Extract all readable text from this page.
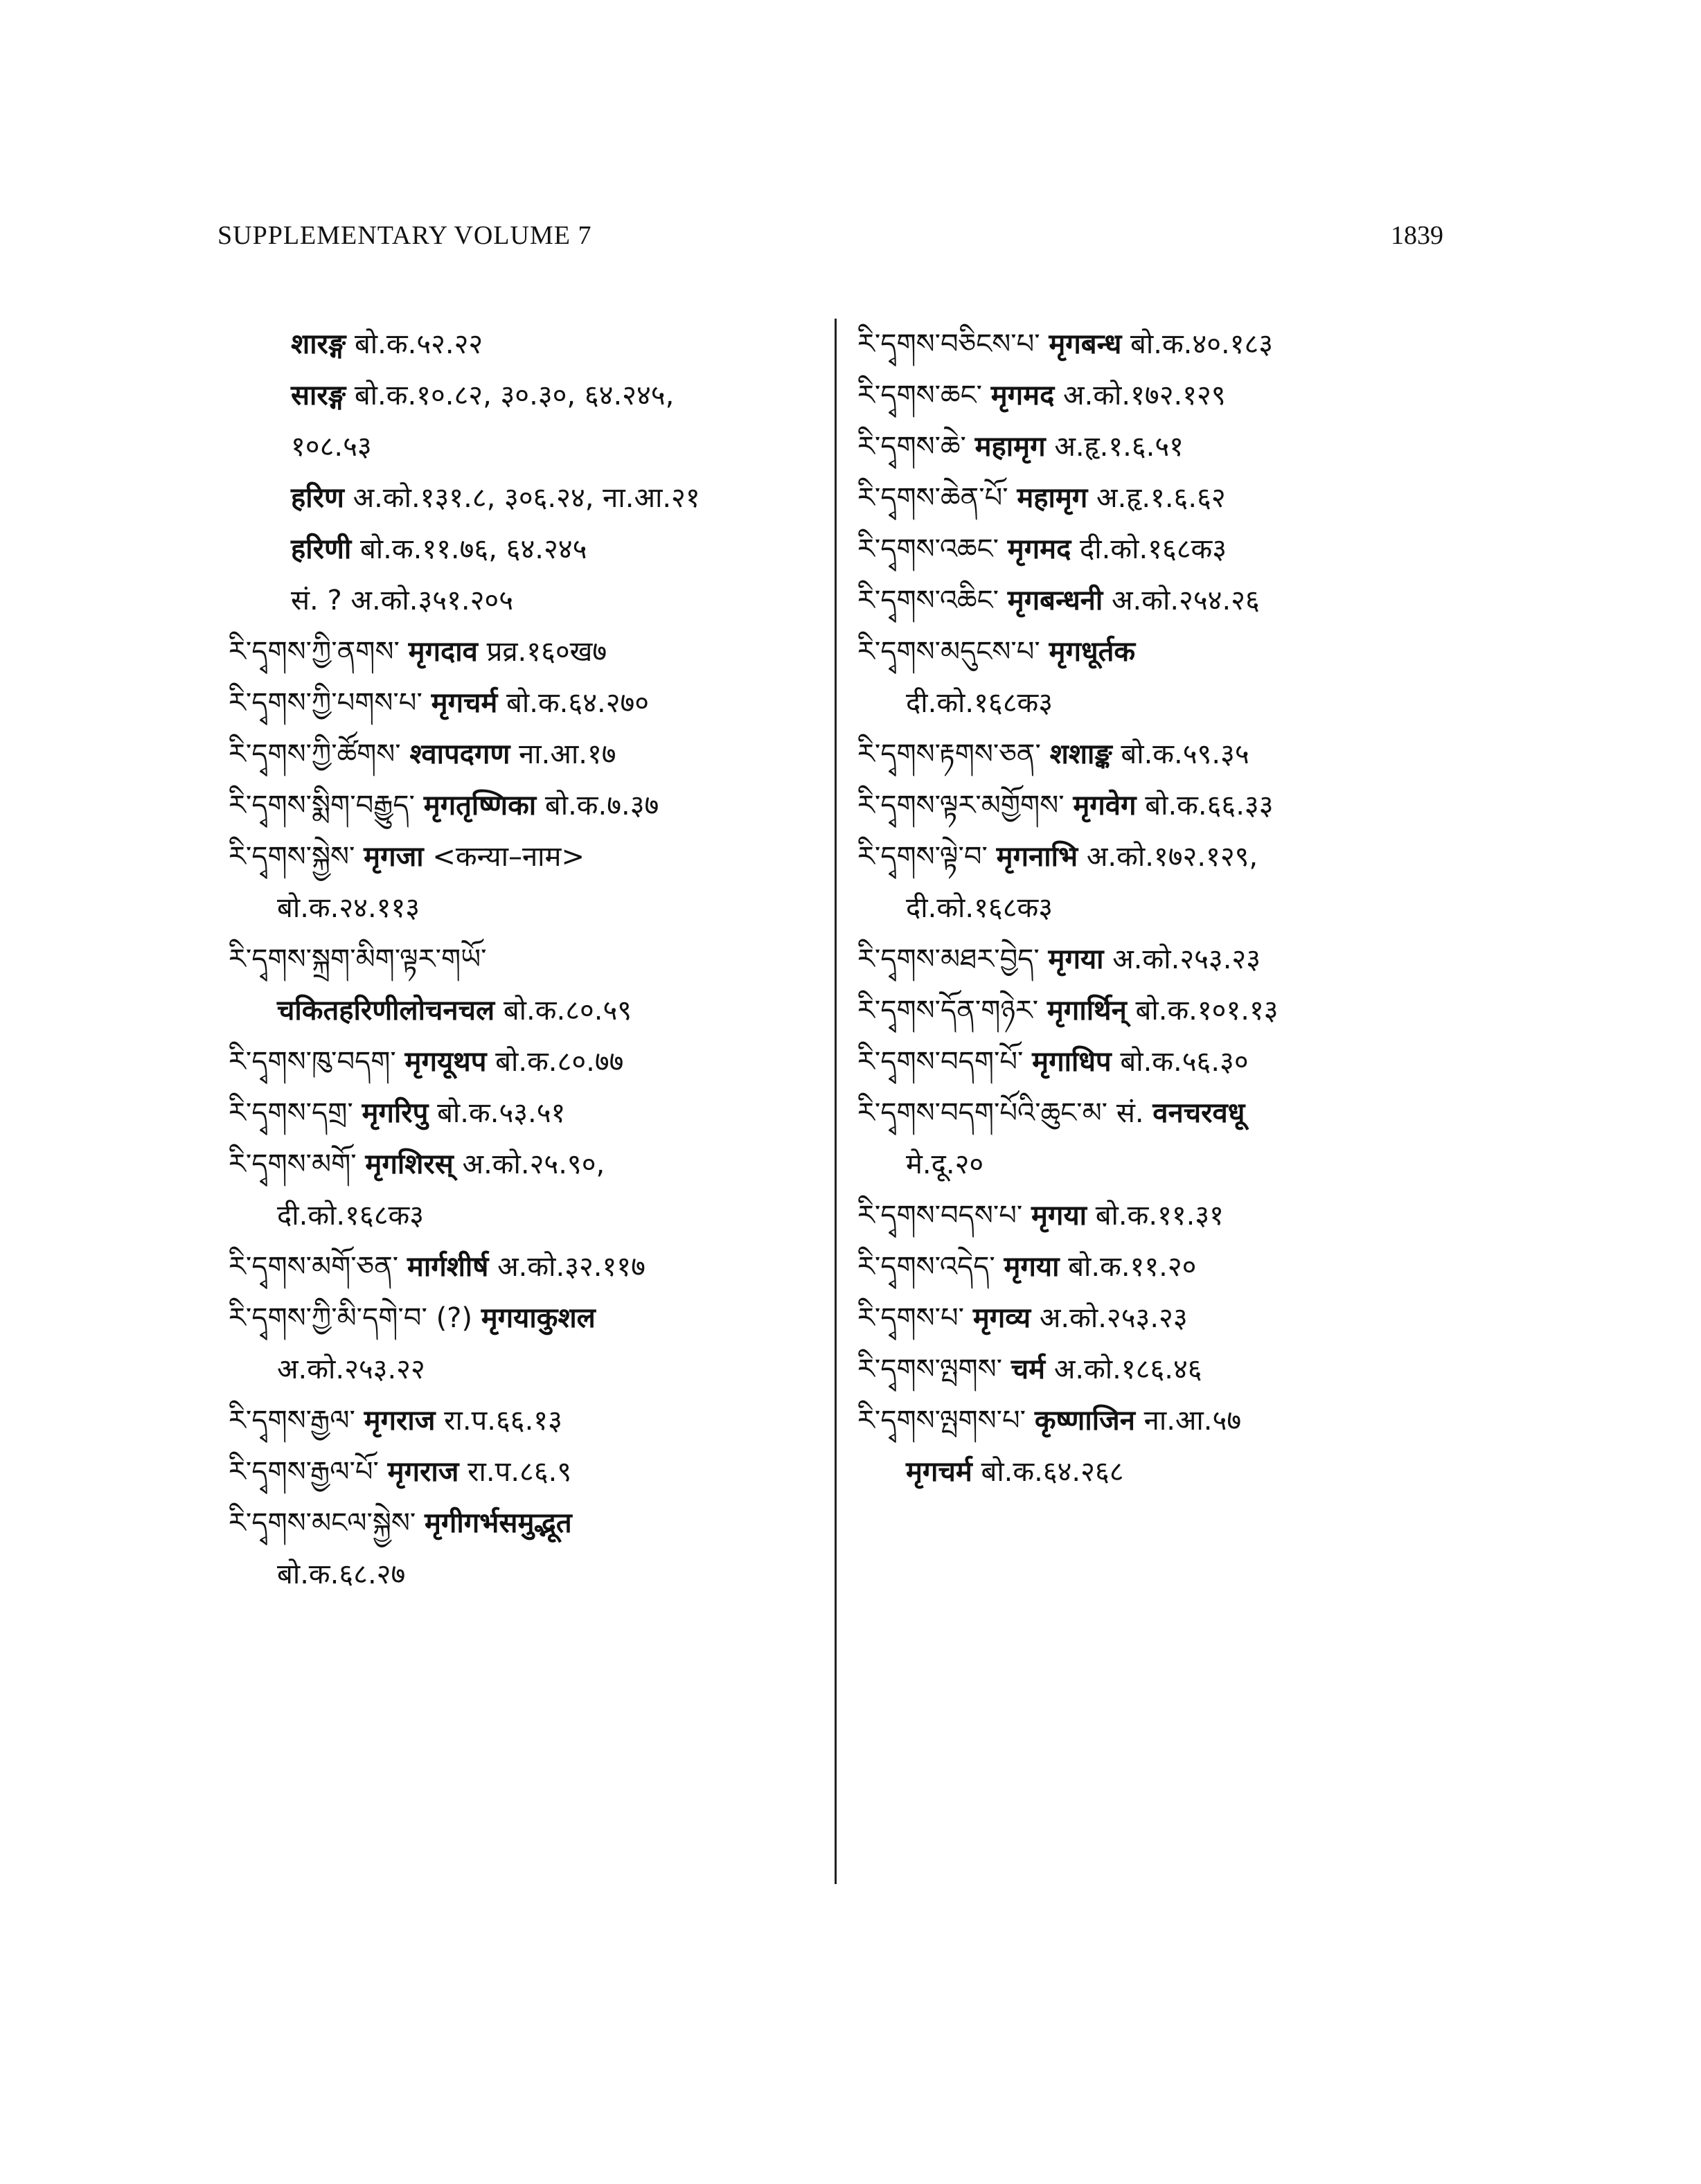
SUPPLEMENTARY VOLUME 7	1839
शारङ्ग बो.क.५२.२२
सारङ्ग बो.क.१०.८२, ३०.३०, ६४.२४५,
१०८.५३
हरिण अ.को.१३१.८, ३०६.२४, ना.आ.२१
हरिणी बो.क.११.७६, ६४.२४५
सं. ? अ.को.३५१.२०५
རི་དྭགས་ཀྱི་ནགས་ मृगदाव प्रव्र.१६०ख७
རི་དྭགས་ཀྱི་པགས་པ་ मृगचर्म बो.क.६४.२७०
རི་དྭགས་ཀྱི་ཚོགས་ श्वापदगण ना.आ.१७
རི་དྭགས་སྨིག་བརྒྱུད་ मृगतृष्णिका बो.क.७.३७
རི་དྭགས་སྐྱེས་ मृगजा <कन्या–नाम>
बो.क.२४.११३
རི་དྭགས་སྐྲག་མིག་ལྟར་གཡོ་
चकितहरिणीलोचनचल बो.क.८०.५९
རི་དྭགས་ཁུ་བདག་ मृगयूथप बो.क.८०.७७
རི་དྭགས་དགྲ་ मृगरिपु बो.क.५३.५१
རི་དྭགས་མགོ་ मृगशिरस् अ.को.२५.९०,
दी.को.१६८क३
རི་དྭགས་མགོ་ཅན་ मार्गशीर्ष अ.को.३२.११७
རི་དྭགས་ཀྱི་མི་དགེ་བ་ (?) मृगयाकुशल
अ.को.२५३.२२
རི་དྭགས་རྒྱལ་ मृगराज रा.प.६६.१३
རི་དྭགས་རྒྱལ་པོ་ मृगराज रा.प.८६.९
རི་དྭགས་མངལ་སྐྱེས་ मृगीगर्भसमुद्भूत
बो.क.६८.२७
རི་དྭགས་བཅིངས་པ་ मृगबन्ध बो.क.४०.१८३
རི་དྭགས་ཆང་ मृगमद अ.को.१७२.१२९
རི་དྭགས་ཆེ་ महामृग अ.हृ.१.६.५१
རི་དྭགས་ཆེན་པོ་ महामृग अ.हृ.१.६.६२
རི་དྭགས་འཆང་ मृगमद दी.को.१६८क३
རི་དྭགས་འཆིང་ मृगबन्धनी अ.को.२५४.२६
རི་དྭགས་མདུངས་པ་ मृगधूर्तक
दी.को.१६८क३
རི་དྭགས་རྟགས་ཅན་ शशाङ्क बो.क.५९.३५
རི་དྭགས་ལྟར་མགྱོགས་ मृगवेग बो.क.६६.३३
རི་དྭགས་ལྟེ་བ་ मृगनाभि अ.को.१७२.१२९,
दी.को.१६८क३
རི་དྭགས་མཐར་བྱེད་ मृगया अ.को.२५३.२३
རི་དྭགས་དོན་གཉེར་ मृगार्थिन् बो.क.१०१.१३
རི་དྭགས་བདག་པོ་ मृगाधिप बो.क.५६.३०
རི་དྭགས་བདག་པོའི་ཆུང་མ་ सं. वनचरवधू
मे.दू.२०
རི་དྭགས་བདས་པ་ मृगया बो.क.११.३१
རི་དྭགས་འདེད་ मृगया बो.क.११.२०
རི་དྭགས་པ་ मृगव्य अ.को.२५३.२३
རི་དྭགས་ལྤགས་ चर्म अ.को.१८६.४६
རི་དྭགས་ལྤགས་པ་ कृष्णाजिन ना.आ.५७
मृगचर्म बो.क.६४.२६८
